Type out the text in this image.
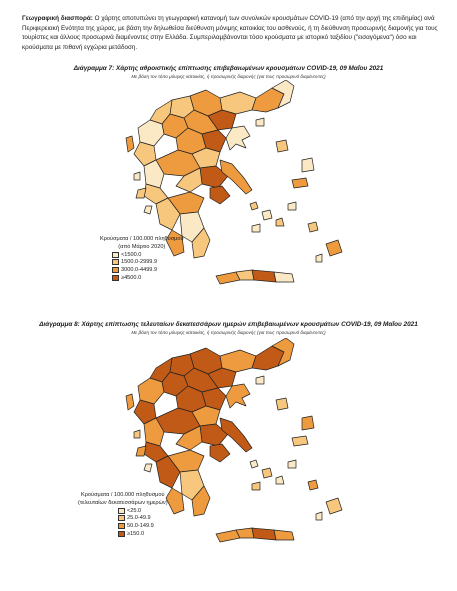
Γεωγραφική διασπορά: Ο χάρτης αποτυπώνει τη γεωγραφική κατανομή των συνολικών κρουσμάτων COVID-19 (από την αρχή της επιδημίας) ανά Περιφερειακή Ενότητα της χώρας, με βάση την δηλωθείσα διεύθυνση μόνιμης κατοικίας του ασθενούς, ή τη διεύθυνση προσωρινής διαμονής για τους τουρίστες και άλλους προσωρινά διαμένοντες στην Ελλάδα. Συμπεριλαμβάνονται τόσο κρούσματα με ιστορικό ταξιδίου ("εισαγόμενα") όσο και κρούσματα με πιθανή εγχώρια μετάδοση.
Διάγραμμα 7: Χάρτης αθροιστικής επίπτωσης επιβεβαιωμένων κρουσμάτων COVID-19, 09 Μαΐου 2021
Με βάση τον τόπο μόνιμης κατοικίας, ή προσωρινής διαμονής (για τους προσωρινά διαμένοντες)
Κρούσματα / 100.000 πληθυσμού
(από Μάρτιο 2020)
<1500.0
1500.0-2999.9
3000.0-4499.9
≥4500.0
Διάγραμμα 8: Χάρτης επίπτωσης τελευταίων δεκατεσσάρων ημερών επιβεβαιωμένων κρουσμάτων COVID-19, 09 Μαΐου 2021
Με βάση τον τόπο μόνιμης κατοικίας, ή προσωρινής διαμονής (για τους προσωρινά διαμένοντες)
Κρούσματα / 100.000 πληθυσμού
(τελευταίων δεκατεσσάρων ημερών)
<25.0
25.0-49.9
50.0-149.9
≥150.0
